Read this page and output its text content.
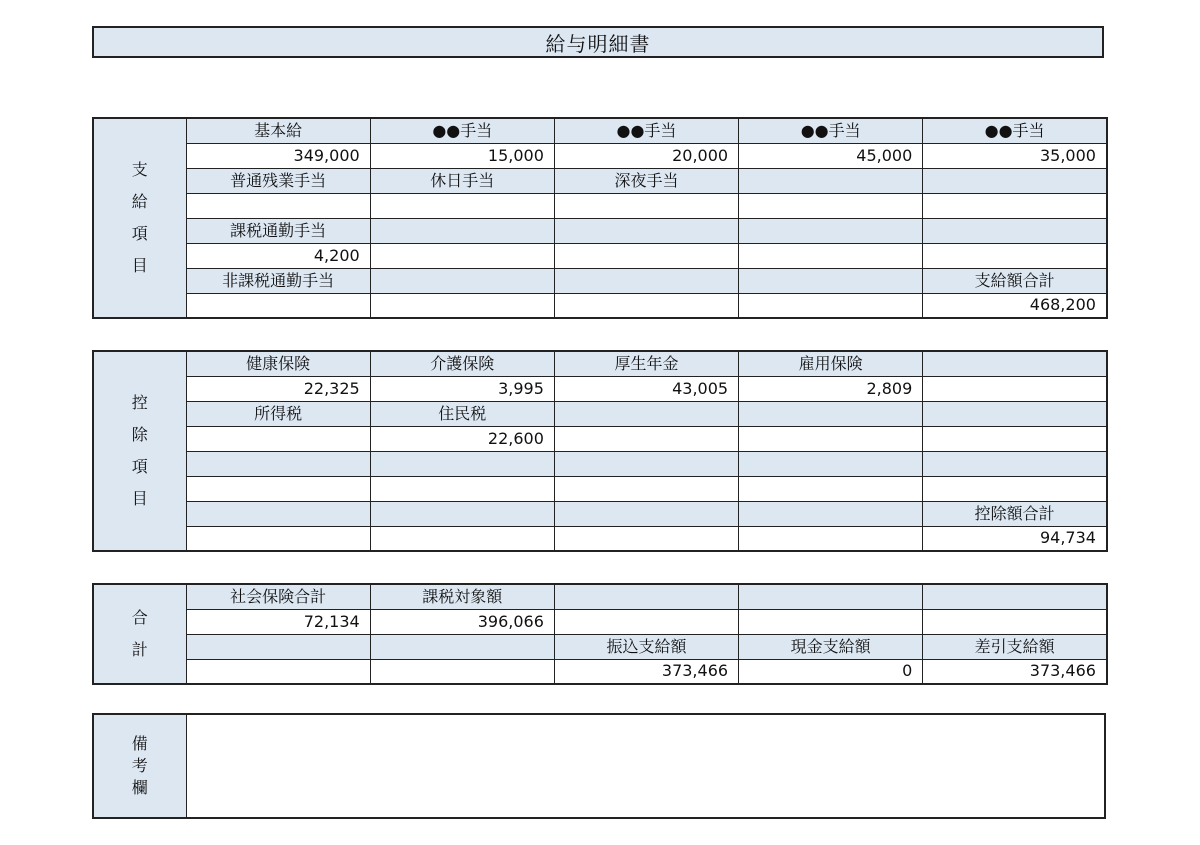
給与明細書
支
給
項
目	基本給	●●手当	●●手当	●●手当	●●手当
	349,000	15,000	20,000	45,000	35,000
	普通残業手当	休日手当	深夜手当		

	課税通勤手当				
	4,200				
	非課税通勤手当				支給額合計
					468,200
控
除
項
目	健康保険	介護保険	厚生年金	雇用保険	
	22,325	3,995	43,005	2,809	
	所得税	住民税			
		22,600			

					控除額合計
					94,734
合
計	社会保険合計	課税対象額			
	72,134	396,066			
			振込支給額	現金支給額	差引支給額
			373,466	0	373,466
備
考
欄
